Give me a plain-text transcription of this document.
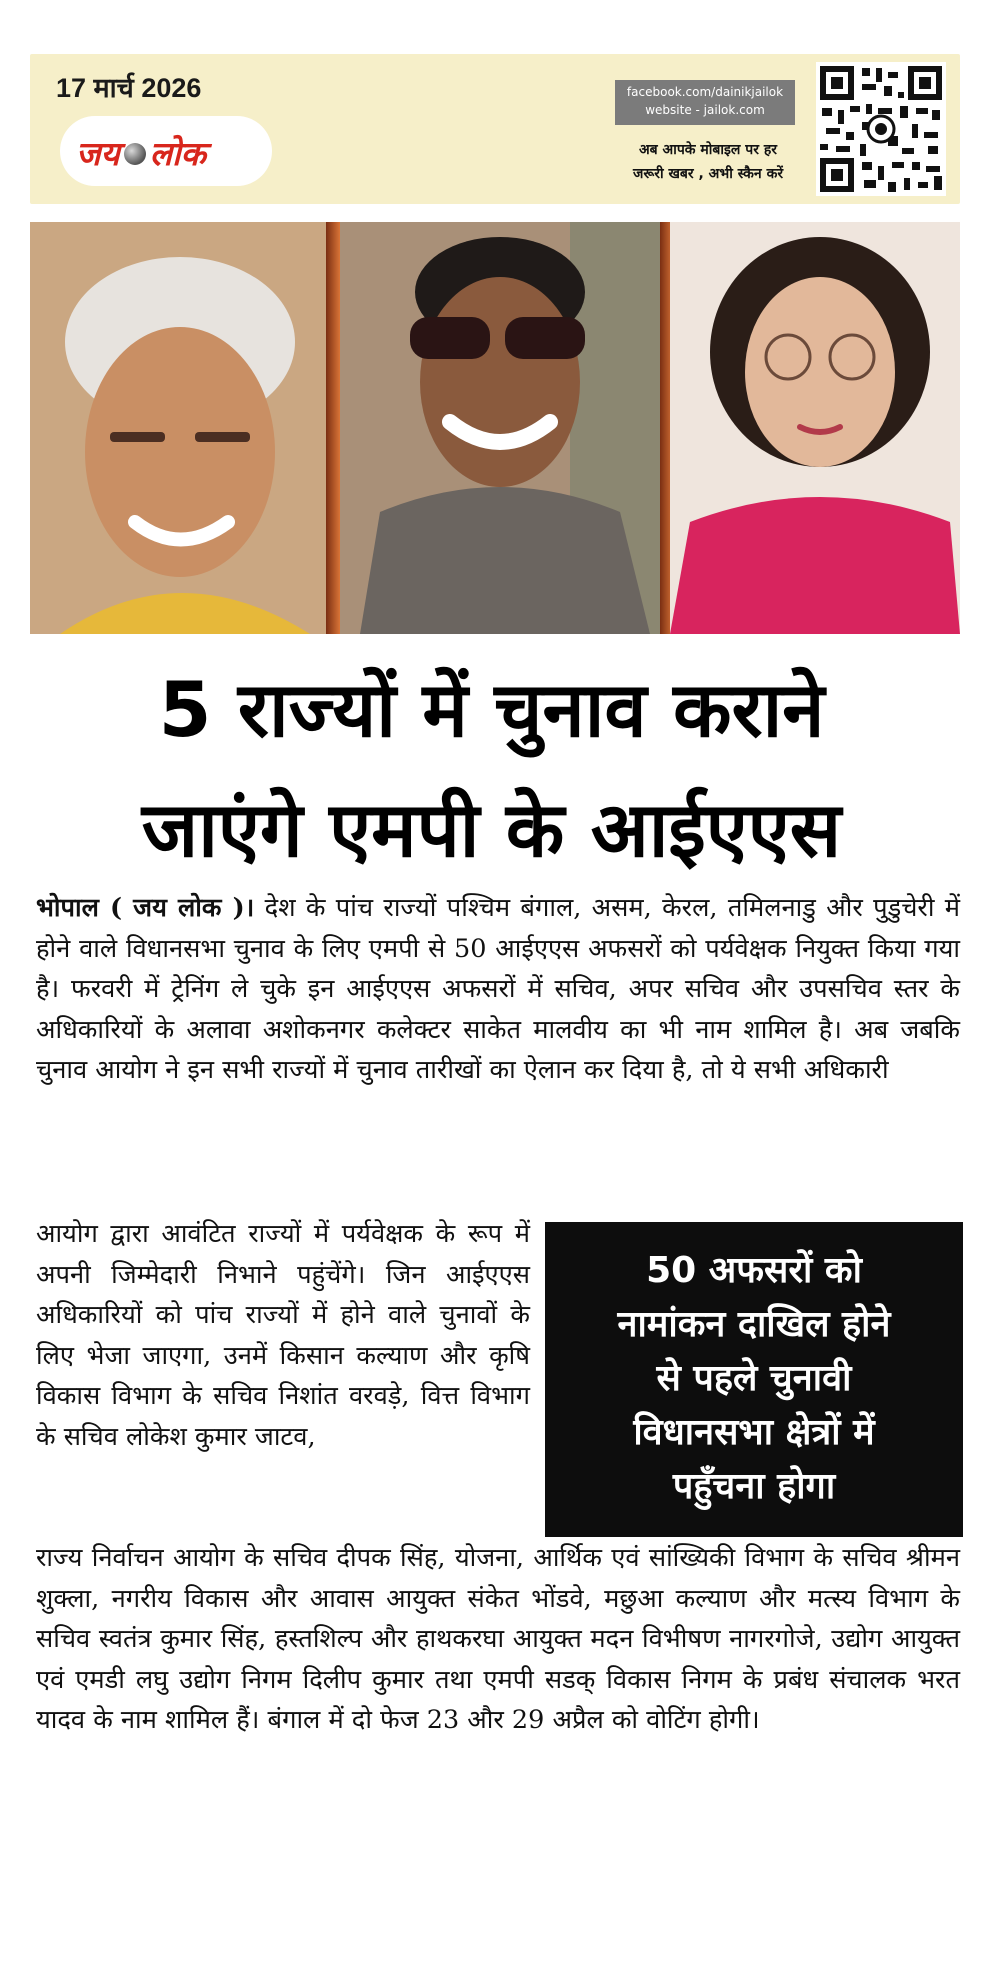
17 मार्च 2026
जय लोक
facebook.com/dainikjailok
website - jailok.com
अब आपके मोबाइल पर हर
जरूरी खबर , अभी स्कैन करें
5 राज्यों में चुनाव कराने
जाएंगे एमपी के आईएएस
भोपाल ( जय लोक )। देश के पांच राज्यों पश्चिम बंगाल, असम, केरल, तमिलनाडु और पुडुचेरी में होने वाले विधानसभा चुनाव के लिए एमपी से 50 आईएएस अफसरों को पर्यवेक्षक नियुक्त किया गया है। फरवरी में ट्रेनिंग ले चुके इन आईएएस अफसरों में सचिव, अपर सचिव और उपसचिव स्तर के अधिकारियों के अलावा अशोकनगर कलेक्टर साकेत मालवीय का भी नाम शामिल है। अब जबकि चुनाव आयोग ने इन सभी राज्यों में चुनाव तारीखों का ऐलान कर दिया है, तो ये सभी अधिकारी
आयोग द्वारा आवंटित राज्यों में पर्यवेक्षक के रूप में अपनी जिम्मेदारी निभाने पहुंचेंगे। जिन आईएएस अधिकारियों को पांच राज्यों में होने वाले चुनावों के लिए भेजा जाएगा, उनमें किसान कल्याण और कृषि विकास विभाग के सचिव निशांत वरवड़े, वित्त विभाग के सचिव लोकेश कुमार जाटव,
50 अफसरों को
नामांकन दाखिल होने
से पहले चुनावी
विधानसभा क्षेत्रों में
पहुँचना होगा
राज्य निर्वाचन आयोग के सचिव दीपक सिंह, योजना, आर्थिक एवं सांख्यिकी विभाग के सचिव श्रीमन शुक्ला, नगरीय विकास और आवास आयुक्त संकेत भोंडवे, मछुआ कल्याण और मत्स्य विभाग के सचिव स्वतंत्र कुमार सिंह, हस्तशिल्प और हाथकरघा आयुक्त मदन विभीषण नागरगोजे, उद्योग आयुक्त एवं एमडी लघु उद्योग निगम दिलीप कुमार तथा एमपी सडक् विकास निगम के प्रबंध संचालक भरत यादव के नाम शामिल हैं। बंगाल में दो फेज 23 और 29 अप्रैल को वोटिंग होगी।
